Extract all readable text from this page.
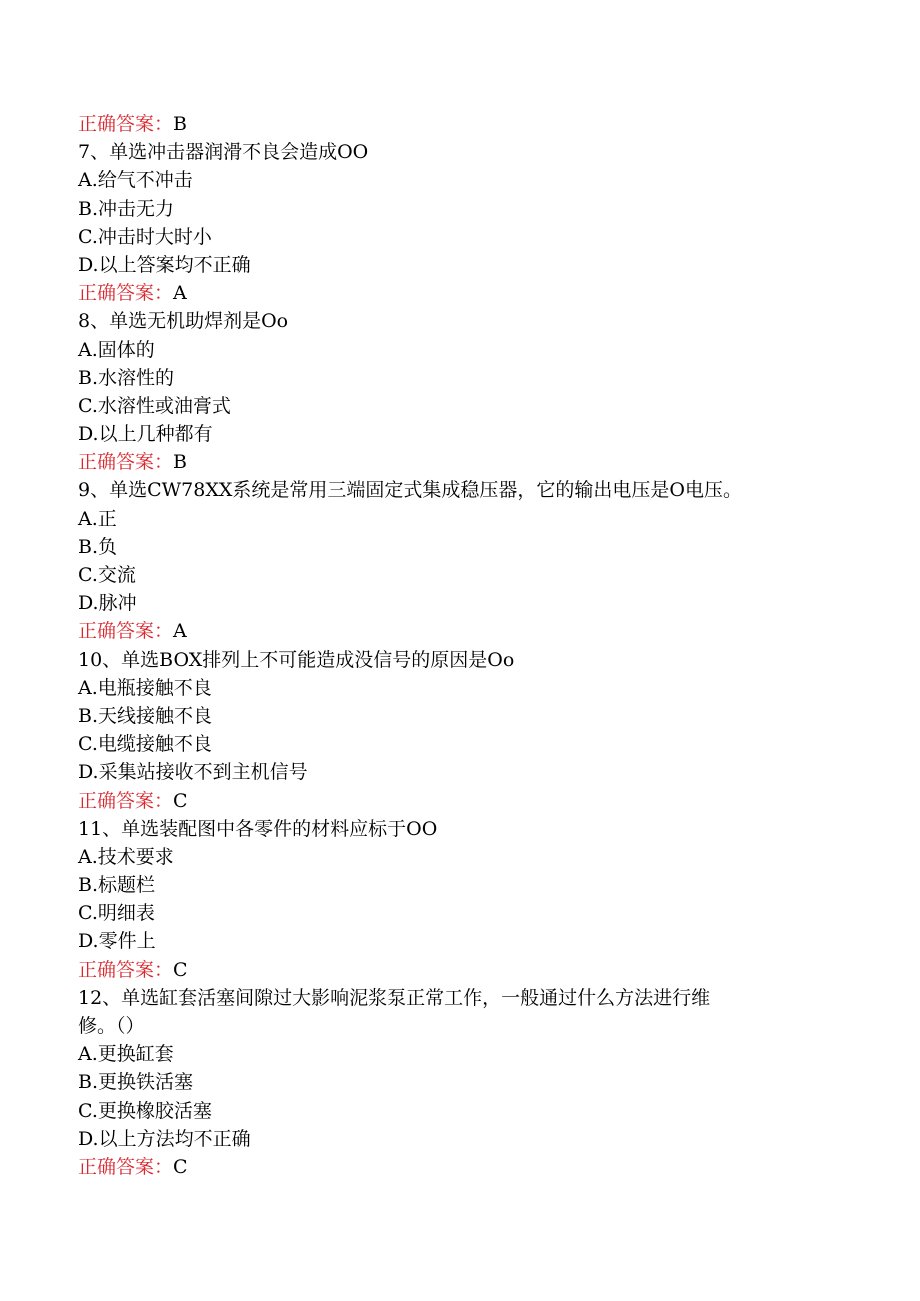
正确答案：B
7、单选冲击器润滑不良会造成OO
A.给气不冲击
B.冲击无力
C.冲击时大时小
D.以上答案均不正确
正确答案：A
8、单选无机助焊剂是Oo
A.固体的
B.水溶性的
C.水溶性或油膏式
D.以上几种都有
正确答案：B
9、单选CW78XX系统是常用三端固定式集成稳压器，它的输出电压是O电压。
A.正
B.负
C.交流
D.脉冲
正确答案：A
10、单选BOX排列上不可能造成没信号的原因是Oo
A.电瓶接触不良
B.天线接触不良
C.电缆接触不良
D.采集站接收不到主机信号
正确答案：C
11、单选装配图中各零件的材料应标于OO
A.技术要求
B.标题栏
C.明细表
D.零件上
正确答案：C
12、单选缸套活塞间隙过大影响泥浆泵正常工作，一般通过什么方法进行维
修。（）
A.更换缸套
B.更换铁活塞
C.更换橡胶活塞
D.以上方法均不正确
正确答案：C
